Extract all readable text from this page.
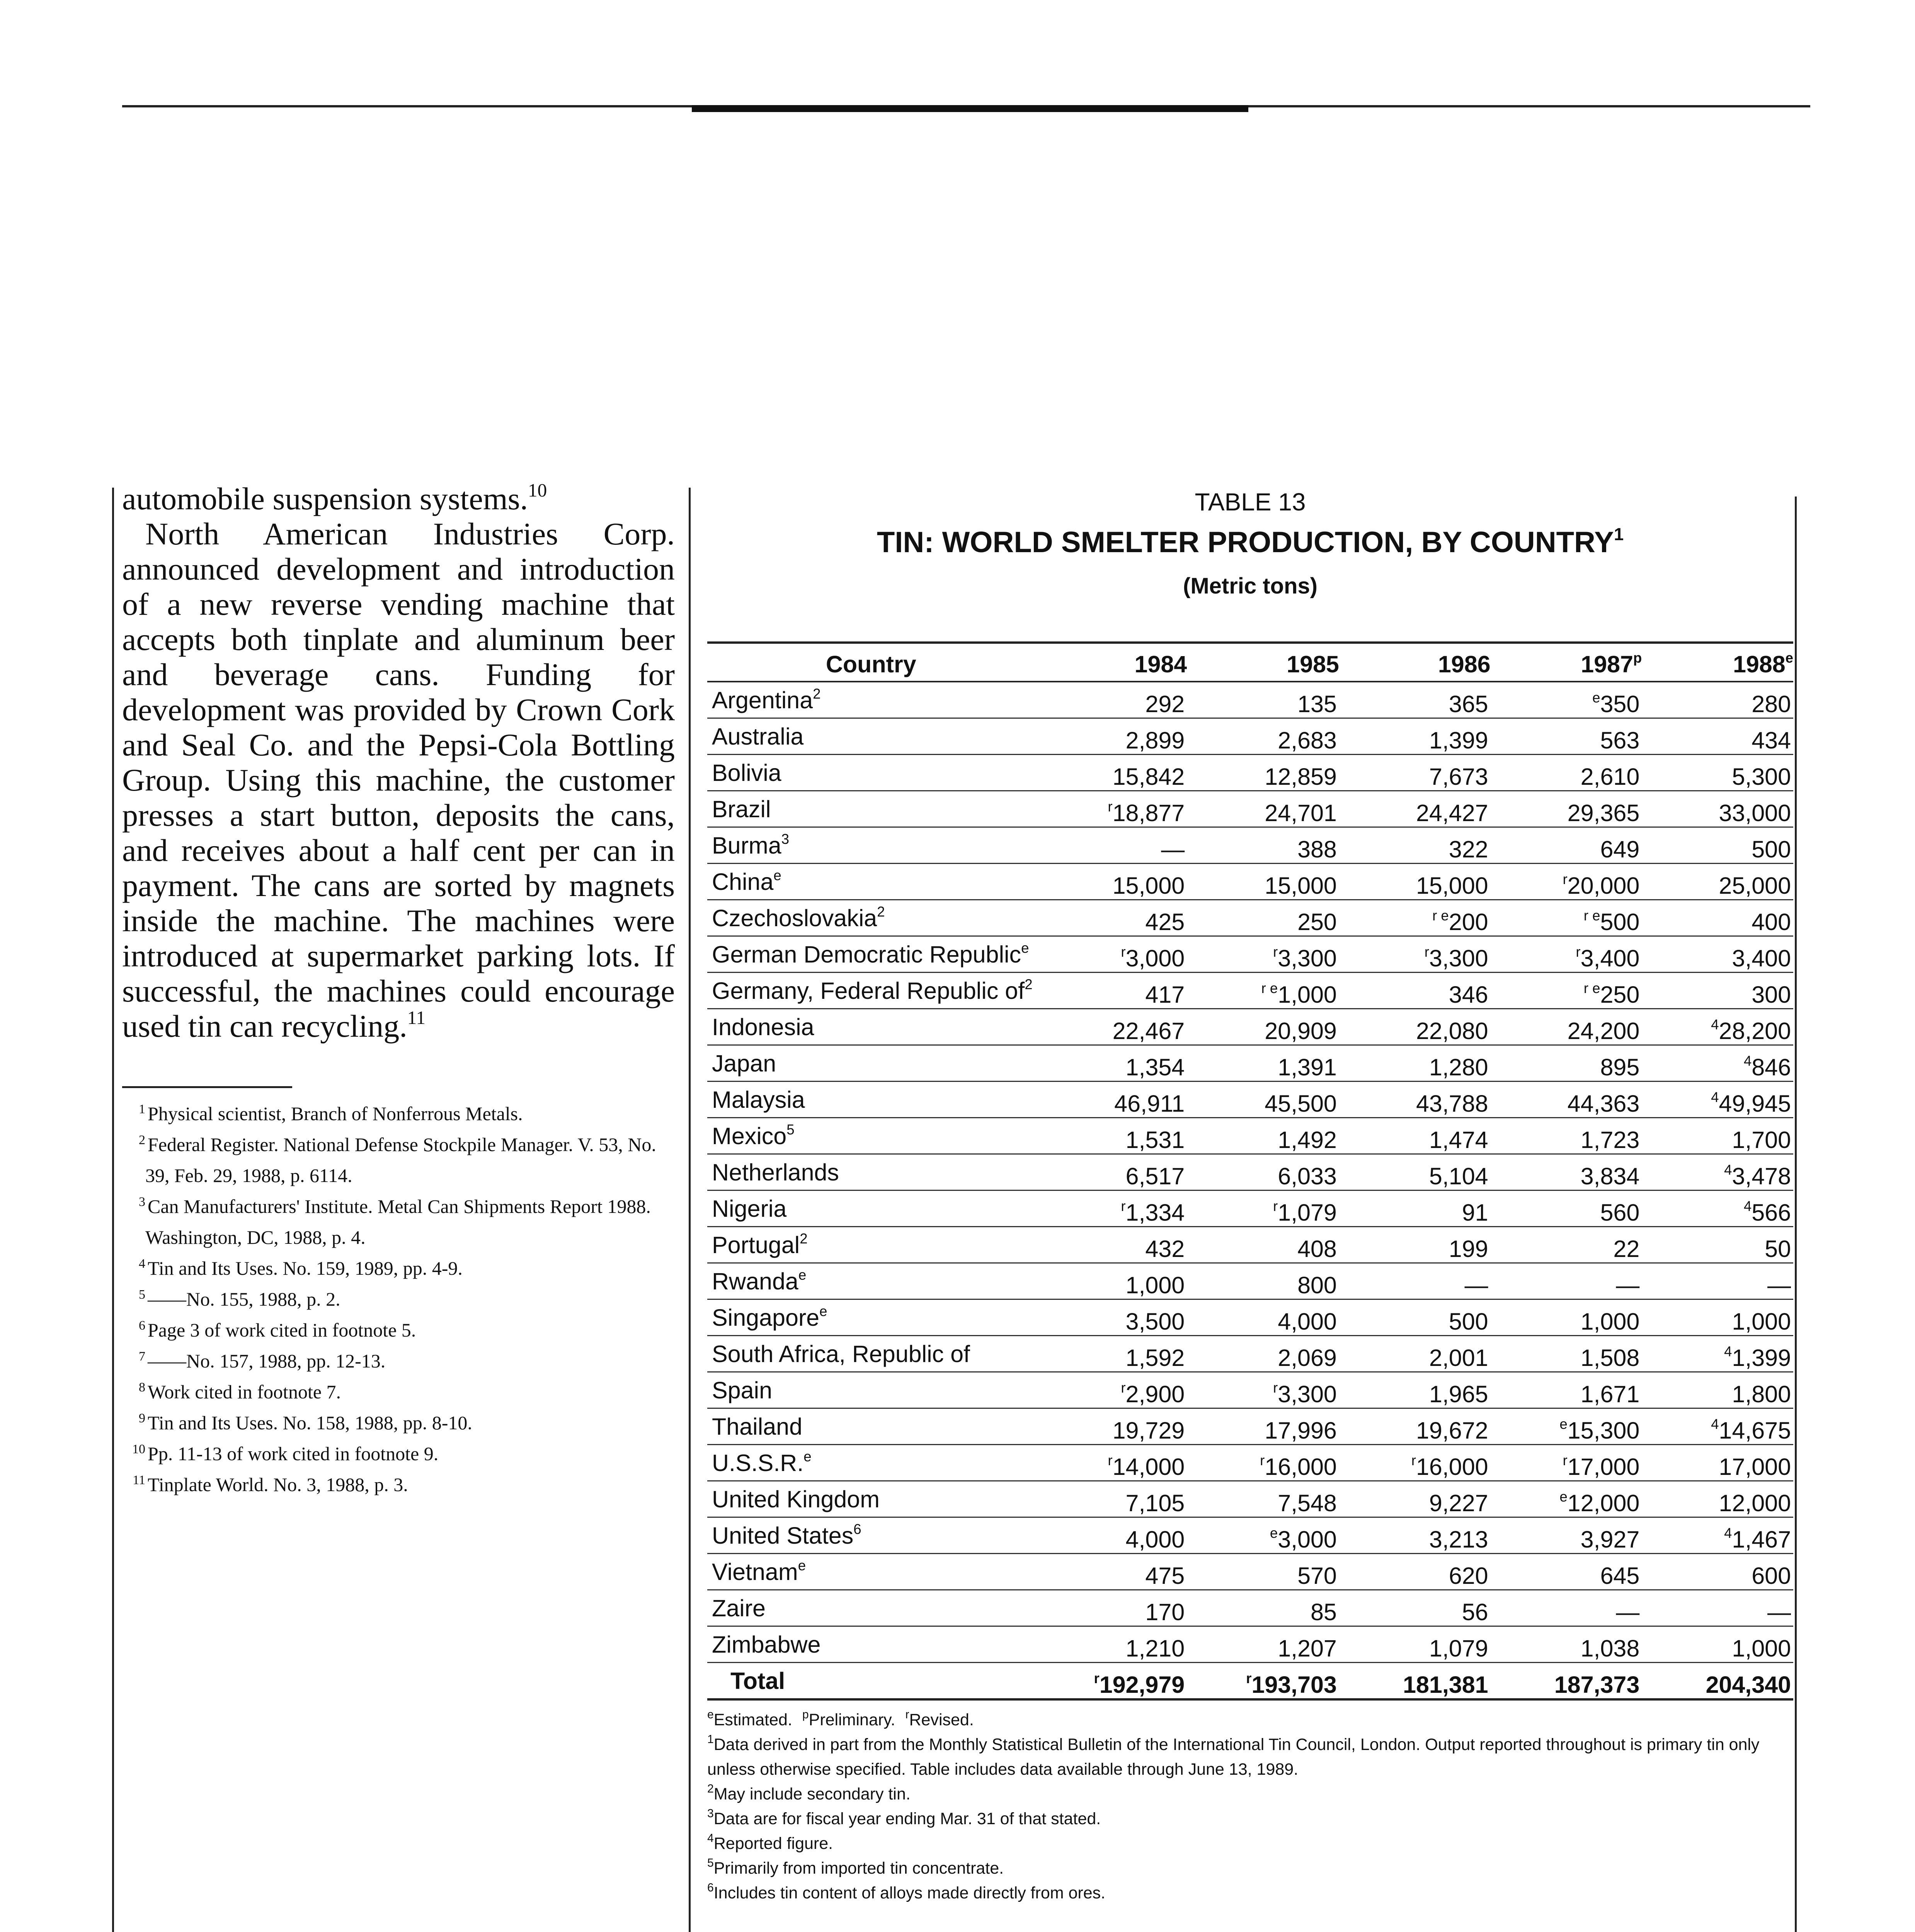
automobile suspension systems.$^{10}$

North American Industries Corp. announced development and introduction of a new reverse vending machine that accepts both tinplate and aluminum beer and beverage cans. Funding for development was provided by Crown Cork and Seal Co. and the Pepsi-Cola Bottling Group. Using this machine, the customer presses a start button, deposits the cans, and receives about a half cent per can in payment. The cans are sorted by magnets inside the machine. The machines were introduced at supermarket parking lots. If successful, the machines could encourage used tin can recycling.$^{11}$

1 Physical scientist, Branch of Nonferrous Metals.
2 Federal Register. National Defense Stockpile Manager. V. 53, No. 39, Feb. 29, 1988, p. 6114.
3 Can Manufacturers' Institute. Metal Can Shipments Report 1988. Washington, DC, 1988, p. 4.
4 Tin and Its Uses. No. 159, 1989, pp. 4-9.
5 ——No. 155, 1988, p. 2.
6 Page 3 of work cited in footnote 5.
7 ——No. 157, 1988, pp. 12-13.
8 Work cited in footnote 7.
9 Tin and Its Uses. No. 158, 1988, pp. 8-10.
10 Pp. 11-13 of work cited in footnote 9.
11 Tinplate World. No. 3, 1988, p. 3.

TABLE 13

TIN: WORLD SMELTER PRODUCTION, BY COUNTRY$^1$

(Metric tons)

Country	1984	1985	1986	1987$^p$	1988e
Argentina$^2$	292	135	365	$^e$350	280
Australia	2,899	2,683	1,399	563	434
Bolivia	15,842	12,859	7,673	2,610	5,300
Brazil	$^r$18,877	24,701	24,427	29,365	33,000
Burma$^3$	—	388	322	649	500
China$^e$	15,000	15,000	15,000	$^r$20,000	25,000
Czechoslovakia$^2$	425	250	$^{r e}$200	$^{r e}$500	400
German Democratic Republic$^e$	$^r$3,000	$^r$3,300	$^r$3,300	$^r$3,400	3,400
Germany, Federal Republic $of^2$	417	$^{r e}$1,000	346	$^{r e}$250	300
Indonesia	22,467	20,909	22,080	24,200	$^4$28,200
Japan	1,354	1,391	1,280	895	$^4$846
Malaysia	46,911	45,500	43,788	44,363	$^4$49,945
Mexico$^5$	1,531	1,492	1,474	1,723	1,700
Netherlands	6,517	6,033	5,104	3,834	$^4$3,478
Nigeria	$^r$1,334	$^r$1,079	91	560	$^4$566
Portugal$^2$	432	408	199	22	50
Rwanda$^e$	1,000	800	—	—	—
Singapore$^e$	3,500	4,000	500	1,000	1,000
South Africa, Republic of	1,592	2,069	2,001	1,508	$^4$1,399
Spain	$^r$2,900	$^r$3,300	1,965	1,671	1,800
Thailand	19,729	17,996	19,672	$^e$15,300	$^4$14,675
U.S.S.R.$^e$	$^r$14,000	$^r$16,000	$^r$16,000	$^r$17,000	17,000
United Kingdom	7,105	7,548	9,227	$^e$12,000	12,000
United States$^6$	4,000	$^e$3,000	3,213	3,927	$^4$1,467
Vietnam$^e$	475	570	620	645	600
Zaire	170	85	56	—	—
Zimbabwe	1,210	1,207	1,079	1,038	1,000
Total	$^r$192,979	$^r$193,703	181,381	187,373	204,340
$^e$Estimated. $^p$Preliminary. $^r$Revised.
$^1$Data derived in part from the Monthly Statistical Bulletin of the International Tin Council, London. Output reported throughout is primary tin only unless otherwise specified. Table includes data available through June 13, 1989.
$^2$May include secondary tin.
$^3$Data are for fiscal year ending Mar. 31 of that stated.
$^4$Reported figure.
$^5$Primarily from imported tin concentrate.
$^6$Includes tin content of alloys made directly from ores.
